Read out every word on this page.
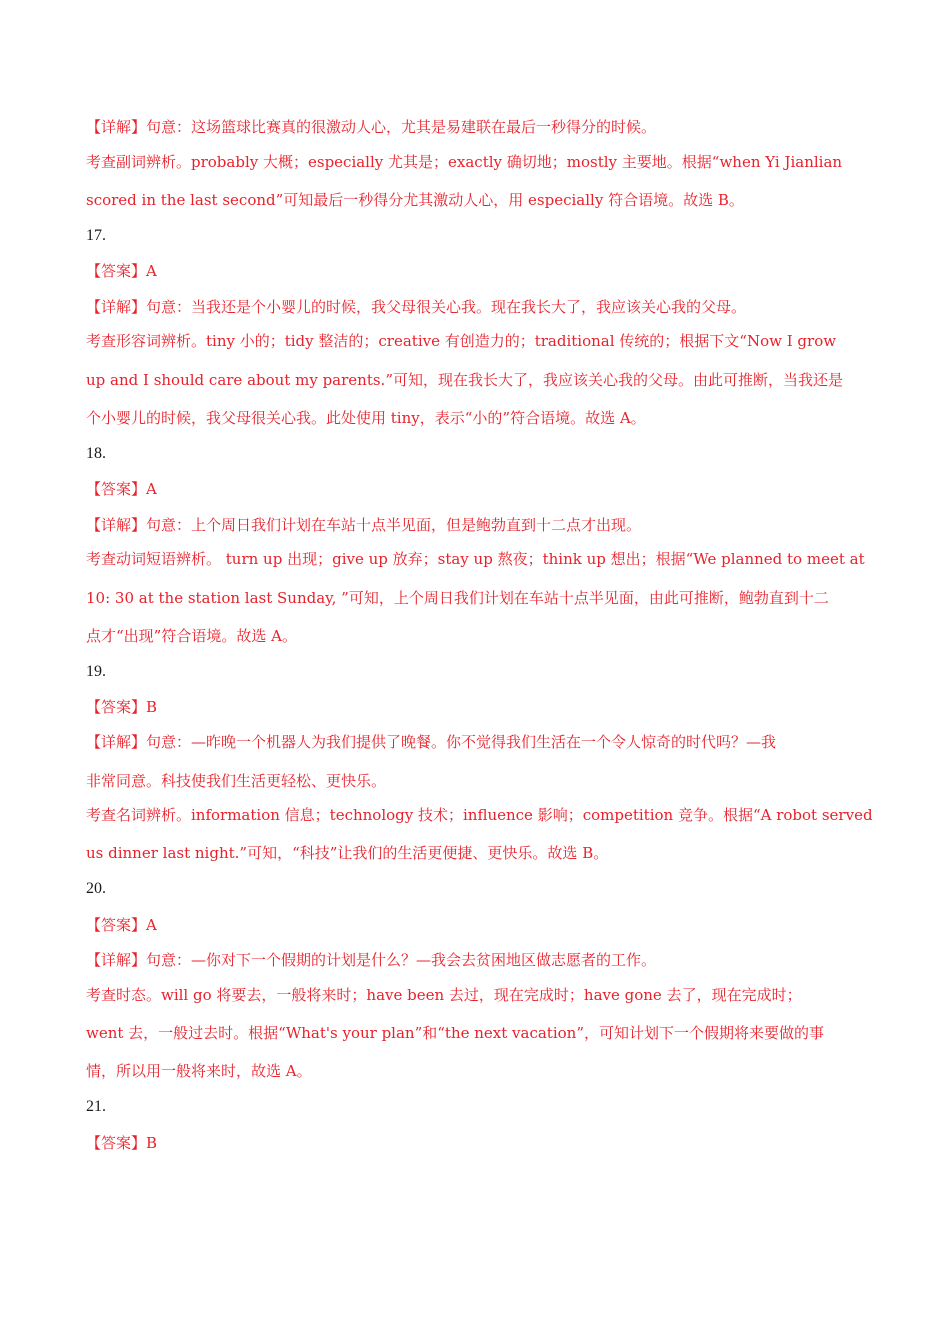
【详解】句意：这场篮球比赛真的很激动人心，尤其是易建联在最后一秒得分的时候。
考查副词辨析。probably 大概；especially 尤其是；exactly 确切地；mostly 主要地。根据“when Yi Jianlian
scored in the last second”可知最后一秒得分尤其激动人心，用 especially 符合语境。故选 B。
17.
【答案】A
【详解】句意：当我还是个小婴儿的时候，我父母很关心我。现在我长大了，我应该关心我的父母。
考查形容词辨析。tiny 小的；tidy 整洁的；creative 有创造力的；traditional 传统的；根据下文“Now I grow
up and I should care about my parents.”可知，现在我长大了，我应该关心我的父母。由此可推断，当我还是
个小婴儿的时候，我父母很关心我。此处使用 tiny，表示“小的”符合语境。故选 A。
18.
【答案】A
【详解】句意：上个周日我们计划在车站十点半见面，但是鲍勃直到十二点才出现。
考查动词短语辨析。 turn up 出现；give up 放弃；stay up 熬夜；think up 想出；根据“We planned to meet at
10: 30 at the station last Sunday, ”可知，上个周日我们计划在车站十点半见面，由此可推断，鲍勃直到十二
点才“出现”符合语境。故选 A。
19.
【答案】B
【详解】句意：—昨晚一个机器人为我们提供了晚餐。你不觉得我们生活在一个令人惊奇的时代吗？—我
非常同意。科技使我们生活更轻松、更快乐。
考查名词辨析。information 信息；technology 技术；influence 影响；competition 竞争。根据“A robot served
us dinner last night.”可知，“科技”让我们的生活更便捷、更快乐。故选 B。
20.
【答案】A
【详解】句意：—你对下一个假期的计划是什么？—我会去贫困地区做志愿者的工作。
考查时态。will go 将要去，一般将来时；have been 去过，现在完成时；have gone 去了，现在完成时；
went 去，一般过去时。根据“What's your plan”和“the next vacation”，可知计划下一个假期将来要做的事
情，所以用一般将来时，故选 A。
21.
【答案】B
